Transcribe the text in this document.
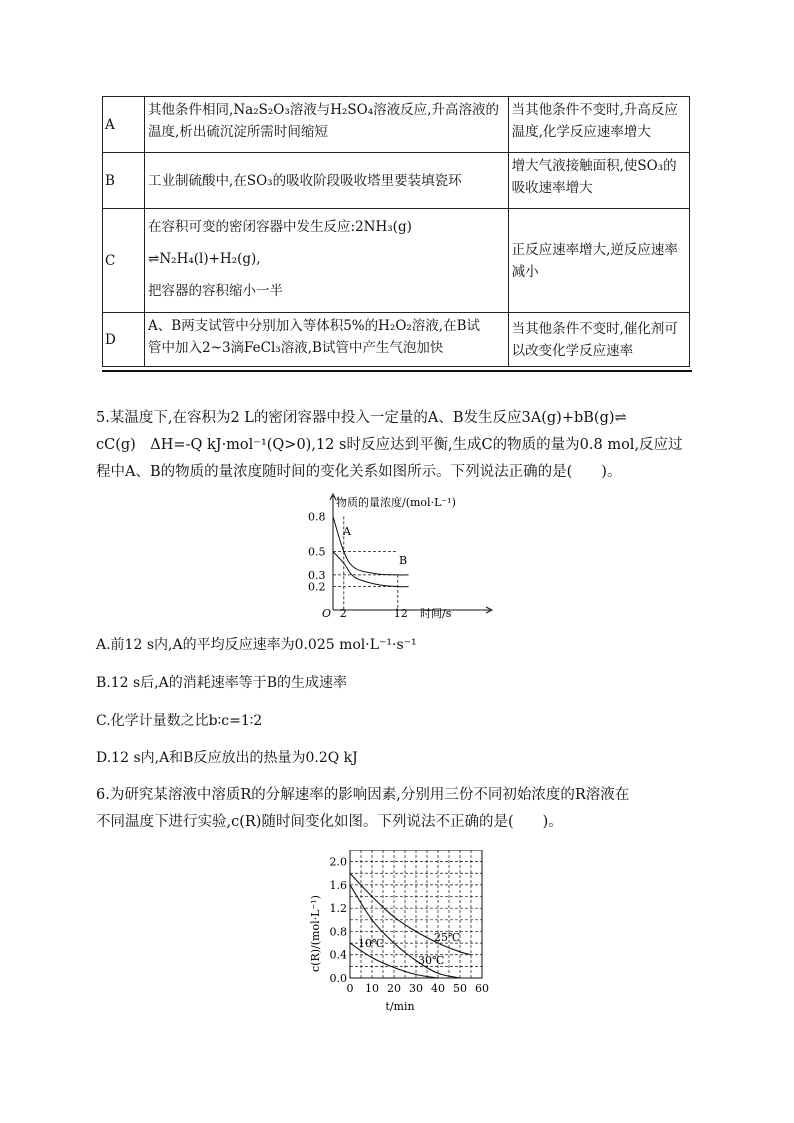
A	其他条件相同,Na₂S₂O₃溶液与H₂SO₄溶液反应,升高溶液的
温度,析出硫沉淀所需时间缩短	当其他条件不变时,升高反应
温度,化学反应速率增大

B	工业制硫酸中,在SO₃的吸收阶段吸收塔里要装填瓷环	增大气液接触面积,使SO₃的
吸收速率增大

C	在容积可变的密闭容器中发生反应:2NH₃(g)
⇌N₂H₄(l)+H₂(g),
把容器的容积缩小一半	正反应速率增大,逆反应速率
减小

D	A、B两支试管中分别加入等体积5%的H₂O₂溶液,在B试
管中加入2~3滴FeCl₃溶液,B试管中产生气泡加快	当其他条件不变时,催化剂可
以改变化学反应速率
5.某温度下,在容积为2 L的密闭容器中投入一定量的A、B发生反应3A(g)+bB(g)⇌
cC(g)　ΔH=-Q kJ·mol⁻¹(Q>0),12 s时反应达到平衡,生成C的物质的量为0.8 mol,反应过
程中A、B的物质的量浓度随时间的变化关系如图所示。下列说法正确的是(　　)。
物质的量浓度/(mol·L⁻¹)
时间/s
O
0.8
0.5
0.3
0.2
2	12
A
B
A.前12 s内,A的平均反应速率为0.025 mol·L⁻¹·s⁻¹
B.12 s后,A的消耗速率等于B的生成速率
C.化学计量数之比b∶c=1∶2
D.12 s内,A和B反应放出的热量为0.2Q kJ
6.为研究某溶液中溶质R的分解速率的影响因素,分别用三份不同初始浓度的R溶液在
不同温度下进行实验,c(R)随时间变化如图。下列说法不正确的是(　　)。
0.0
0.4
0.8
1.2
1.6
2.0
0 10 20 30 40 50 60
t/min
c(R)/(mol·L⁻¹)	25℃
30℃
10℃
